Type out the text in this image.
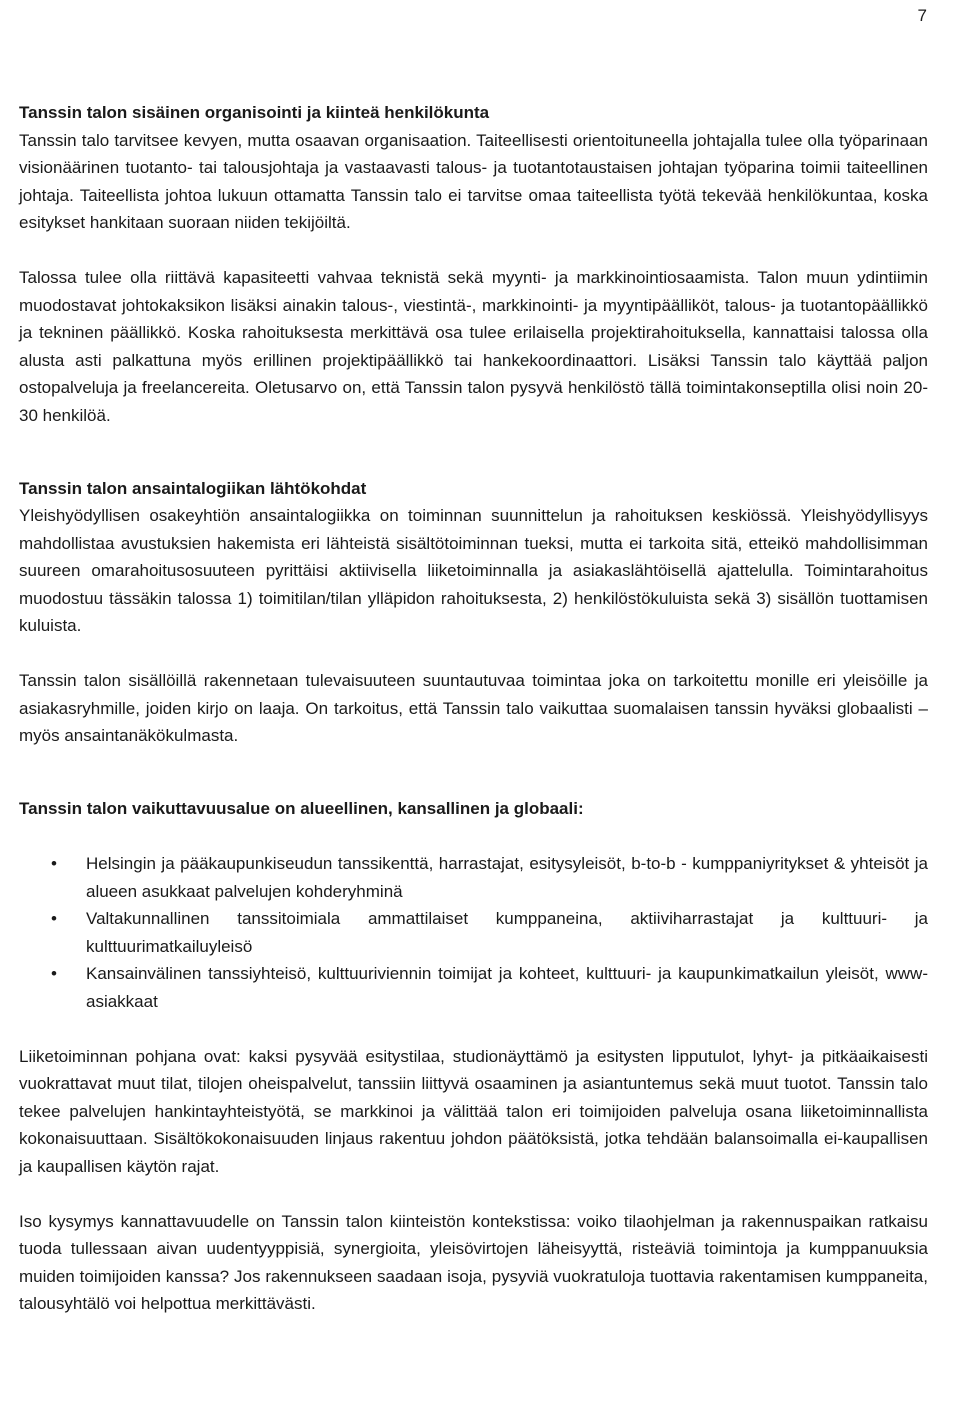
7
Tanssin talon sisäinen organisointi ja kiinteä henkilökunta

Tanssin talo tarvitsee kevyen, mutta osaavan organisaation. Taiteellisesti orientoituneella johtajalla tulee olla työparinaan visionäärinen tuotanto- tai talousjohtaja ja vastaavasti talous- ja tuotantotaustaisen johtajan työparina toimii taiteellinen johtaja. Taiteellista johtoa lukuun ottamatta Tanssin talo ei tarvitse omaa taiteellista työtä tekevää henkilökuntaa, koska esitykset hankitaan suoraan niiden tekijöiltä.

Talossa tulee olla riittävä kapasiteetti vahvaa teknistä sekä myynti- ja markkinointiosaamista. Talon muun ydintiimin muodostavat johtokaksikon lisäksi ainakin talous-, viestintä-, markkinointi- ja myyntipäälliköt, talous- ja tuotantopäällikkö ja tekninen päällikkö. Koska rahoituksesta merkittävä osa tulee erilaisella projektirahoituksella, kannattaisi talossa olla alusta asti palkattuna myös erillinen projektipäällikkö tai hankekoordinaattori. Lisäksi Tanssin talo käyttää paljon ostopalveluja ja freelancereita. Oletusarvo on, että Tanssin talon pysyvä henkilöstö tällä toimintakonseptilla olisi noin 20-30 henkilöä.

Tanssin talon ansaintalogiikan lähtökohdat

Yleishyödyllisen osakeyhtiön ansaintalogiikka on toiminnan suunnittelun ja rahoituksen keskiössä. Yleishyödyllisyys mahdollistaa avustuksien hakemista eri lähteistä sisältötoiminnan tueksi, mutta ei tarkoita sitä, etteikö mahdollisimman suureen omarahoitusosuuteen pyrittäisi aktiivisella liiketoiminnalla ja asiakaslähtöisellä ajattelulla. Toimintarahoitus muodostuu tässäkin talossa 1) toimitilan/tilan ylläpidon rahoituksesta, 2) henkilöstökuluista sekä 3) sisällön tuottamisen kuluista.

Tanssin talon sisällöillä rakennetaan tulevaisuuteen suuntautuvaa toimintaa joka on tarkoitettu monille eri yleisöille ja asiakasryhmille, joiden kirjo on laaja. On tarkoitus, että Tanssin talo vaikuttaa suomalaisen tanssin hyväksi globaalisti –myös ansaintanäkökulmasta.

Tanssin talon vaikuttavuusalue on alueellinen, kansallinen ja globaali:
• Helsingin ja pääkaupunkiseudun tanssikenttä, harrastajat, esitysyleisöt, b-to-b - kumppaniyritykset & yhteisöt ja alueen asukkaat palvelujen kohderyhminä
• Valtakunnallinen tanssitoimiala ammattilaiset kumppaneina, aktiiviharrastajat ja kulttuuri- ja kulttuurimatkailuyleisö
• Kansainvälinen tanssiyhteisö, kulttuuriviennin toimijat ja kohteet, kulttuuri- ja kaupunkimatkailun yleisöt, www-asiakkaat

Liiketoiminnan pohjana ovat: kaksi pysyvää esitystilaa, studionäyttämö ja esitysten lipputulot, lyhyt- ja pitkäaikaisesti vuokrattavat muut tilat, tilojen oheispalvelut, tanssiin liittyvä osaaminen ja asiantuntemus sekä muut tuotot. Tanssin talo tekee palvelujen hankintayhteistyötä, se markkinoi ja välittää talon eri toimijoiden palveluja osana liiketoiminnallista kokonaisuuttaan. Sisältökokonaisuuden linjaus rakentuu johdon päätöksistä, jotka tehdään balansoimalla ei-kaupallisen ja kaupallisen käytön rajat.

Iso kysymys kannattavuudelle on Tanssin talon kiinteistön kontekstissa: voiko tilaohjelman ja rakennuspaikan ratkaisu tuoda tullessaan aivan uudentyyppisiä, synergioita, yleisövirtojen läheisyyttä, risteäviä toimintoja ja kumppanuuksia muiden toimijoiden kanssa? Jos rakennukseen saadaan isoja, pysyviä vuokratuloja tuottavia rakentamisen kumppaneita, talousyhtälö voi helpottua merkittävästi.
